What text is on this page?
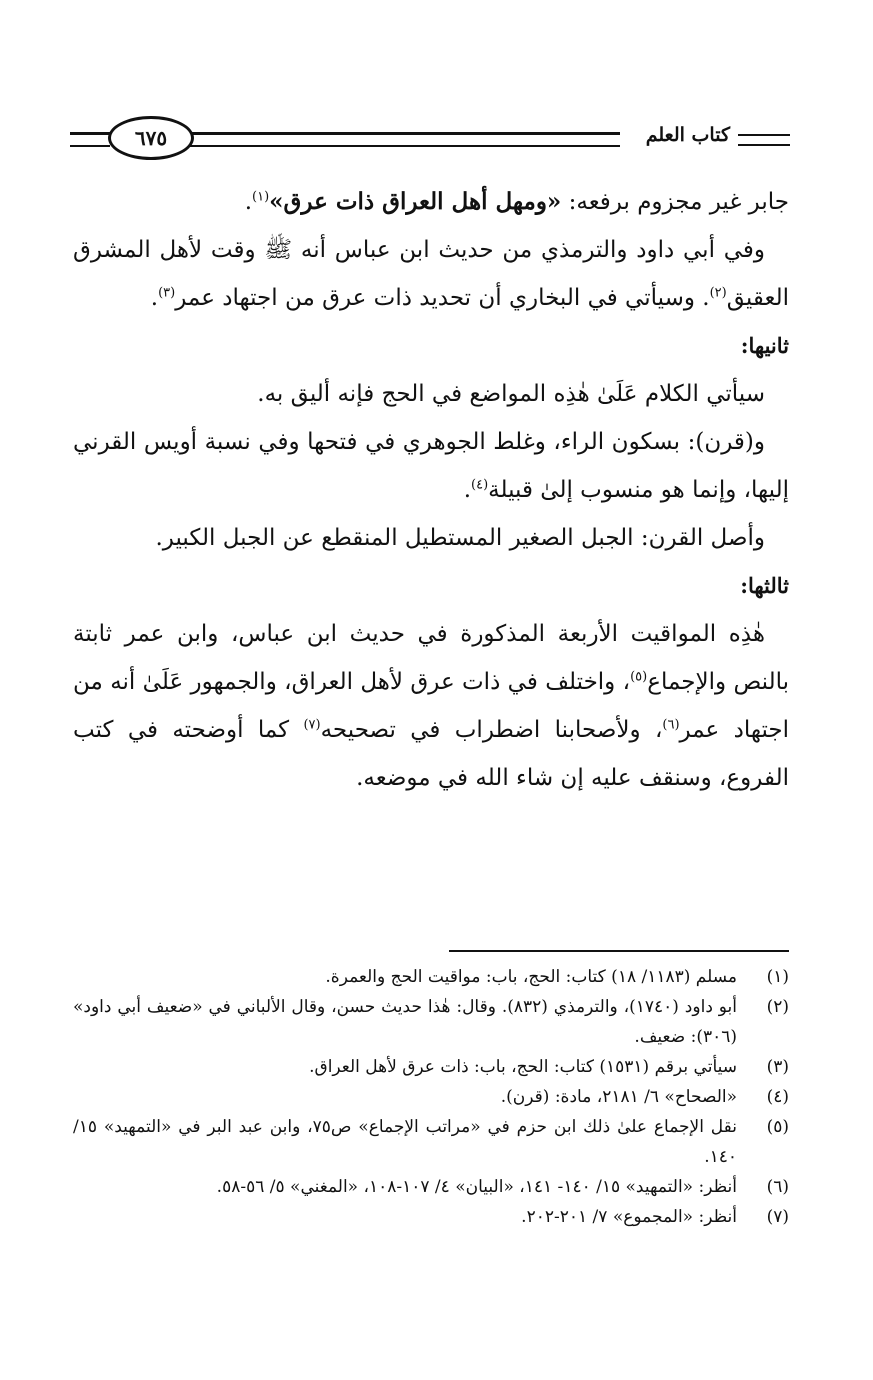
كتاب العلم
٦٧٥

جابر غير مجزوم برفعه: «ومهل أهل العراق ذات عرق»$^{(١)}$.

وفي أبي داود والترمذي من حديث ابن عباس أنه ﷺ وقت لأهل المشرق العقيق$^{(٢)}$. وسيأتي في البخاري أن تحديد ذات عرق من اجتهاد عمر$^{(٣)}$.

ثانيها:

سيأتي الكلام عَلَىٰ هٰذِه المواضع في الحج فإنه أليق به.

و(قرن): بسكون الراء، وغلط الجوهري في فتحها وفي نسبة أويس القرني إليها، وإنما هو منسوب إلىٰ قبيلة$^{(٤)}$.

وأصل القرن: الجبل الصغير المستطيل المنقطع عن الجبل الكبير.

ثالثها:

هٰذِه المواقيت الأربعة المذكورة في حديث ابن عباس، وابن عمر ثابتة بالنص والإجماع$^{(٥)}$، واختلف في ذات عرق لأهل العراق، والجمهور عَلَىٰ أنه من اجتهاد عمر$^{(٦)}$، ولأصحابنا اضطراب في تصحيحه$^{(٧)}$ كما أوضحته في كتب الفروع، وسنقف عليه إن شاء الله في موضعه.

(١)
مسلم (١١٨٣/ ١٨) كتاب: الحج، باب: مواقيت الحج والعمرة.

(٢)
أبو داود (١٧٤٠)، والترمذي (٨٣٢). وقال: هٰذا حديث حسن، وقال الألباني في «ضعيف أبي داود» (٣٠٦): ضعيف.

(٣)
سيأتي برقم (١٥٣١) كتاب: الحج، باب: ذات عرق لأهل العراق.

(٤)
«الصحاح» ٦/ ٢١٨١، مادة: (قرن).

(٥)
نقل الإجماع علىٰ ذلك ابن حزم في «مراتب الإجماع» ص٧٥، وابن عبد البر في «التمهيد» ١٥/ ١٤٠.

(٦)
أنظر: «التمهيد» ١٥/ ١٤٠- ١٤١، «البيان» ٤/ ١٠٧-١٠٨، «المغني» ٥/ ٥٦-٥٨.

(٧)
أنظر: «المجموع» ٧/ ٢٠١-٢٠٢.
